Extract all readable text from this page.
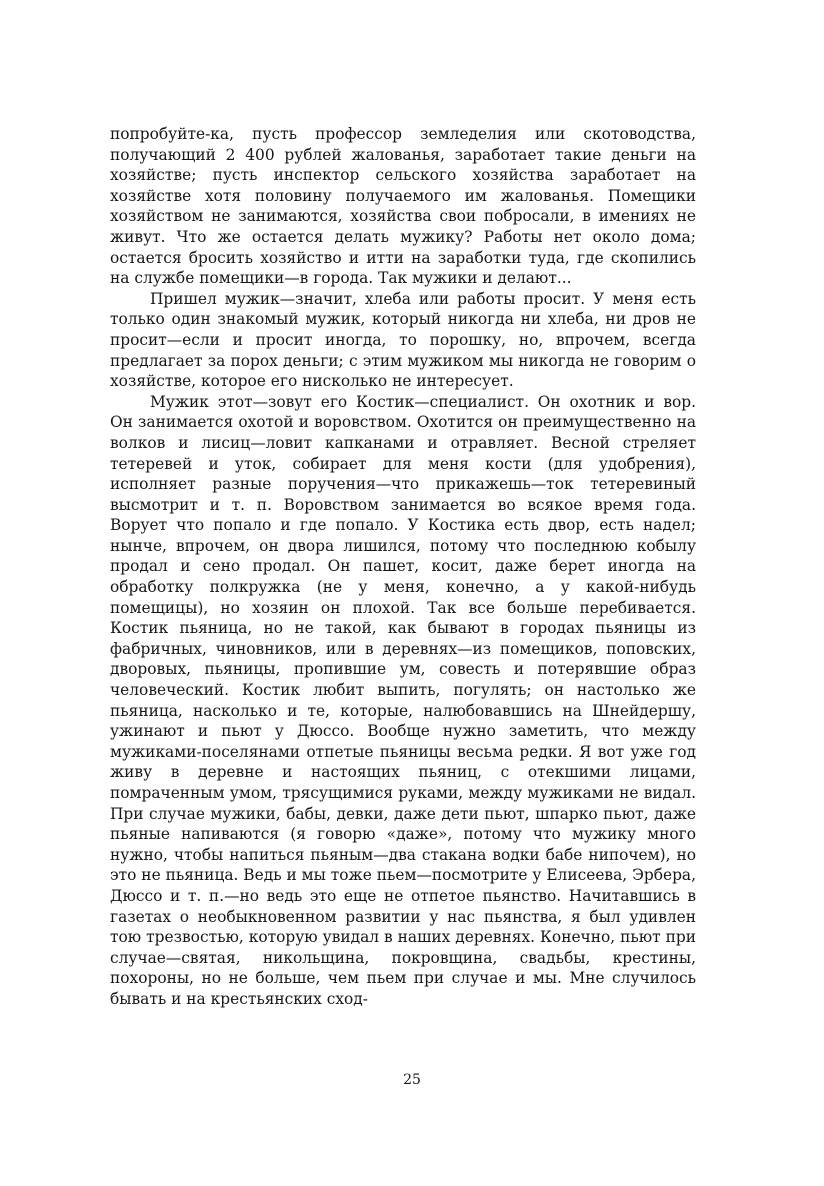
попробуйте-ка, пусть профессор земледелия или скотоводства, получающий 2 400 рублей жалованья, заработает такие деньги на хозяйстве; пусть инспектор сельского хозяйства заработает на хозяйстве хотя половину получаемого им жалованья. Помещики хозяйством не занимаются, хозяйства свои побросали, в имениях не живут. Что же остается делать мужику? Работы нет около дома; остается бросить хозяйство и итти на заработки туда, где скопились на службе помещики—в города. Так мужики и делают...

Пришел мужик—значит, хлеба или работы просит. У меня есть только один знакомый мужик, который никогда ни хлеба, ни дров не просит—если и просит иногда, то порошку, но, впрочем, всегда предлагает за порох деньги; с этим мужиком мы никогда не говорим о хозяйстве, которое его нисколько не интересует.

Мужик этот—зовут его Костик—специалист. Он охотник и вор. Он занимается охотой и воровством. Охотится он преимущественно на волков и лисиц—ловит капканами и отравляет. Весной стреляет тетеревей и уток, собирает для меня кости (для удобрения), исполняет разные поручения—что прикажешь—ток тетеревиный высмотрит и т. п. Воровством занимается во всякое время года. Ворует что попало и где попало. У Костика есть двор, есть надел; нынче, впрочем, он двора лишился, потому что последнюю кобылу продал и сено продал. Он пашет, косит, даже берет иногда на обработку полкружка (не у меня, конечно, а у какой-нибудь помещицы), но хозяин он плохой. Так все больше перебивается. Костик пьяница, но не такой, как бывают в городах пьяницы из фабричных, чиновников, или в деревнях—из помещиков, поповских, дворовых, пьяницы, пропившие ум, совесть и потерявшие образ человеческий. Костик любит выпить, погулять; он настолько же пьяница, насколько и те, которые, налюбовавшись на Шнейдершу, ужинают и пьют у Дюссо. Вообще нужно заметить, что между мужиками-поселянами отпетые пьяницы весьма редки. Я вот уже год живу в деревне и настоящих пьяниц, с отекшими лицами, помраченным умом, трясущимися руками, между мужиками не видал. При случае мужики, бабы, девки, даже дети пьют, шпарко пьют, даже пьяные напиваются (я говорю «даже», потому что мужику много нужно, чтобы напиться пьяным—два стакана водки бабе нипочем), но это не пьяница. Ведь и мы тоже пьем—посмотрите у Елисеева, Эрбера, Дюссо и т. п.—но ведь это еще не отпетое пьянство. Начитавшись в газетах о необыкновенном развитии у нас пьянства, я был удивлен тою трезвостью, которую увидал в наших деревнях. Конечно, пьют при случае—святая, никольщина, покровщина, свадьбы, крестины, похороны, но не больше, чем пьем при случае и мы. Мне случилось бывать и на крестьянских сход-

25
